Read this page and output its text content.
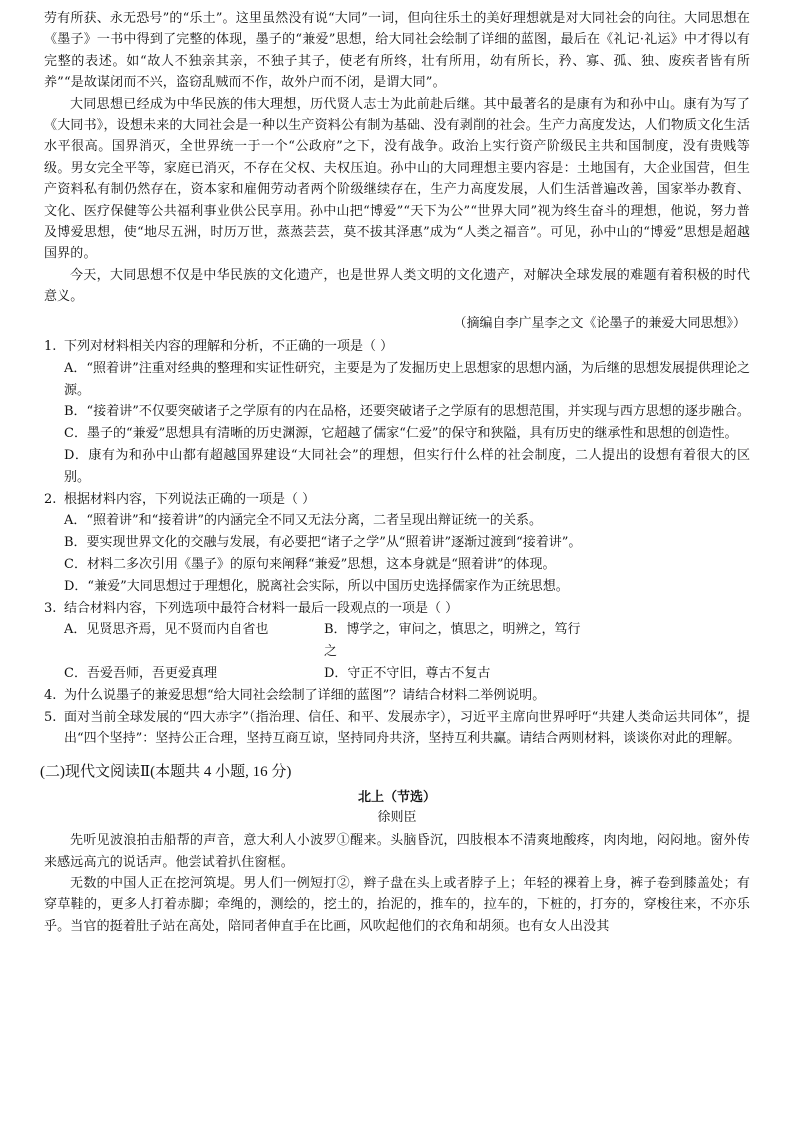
劳有所获、永无恐号”的“乐土”。这里虽然没有说“大同”一词，但向往乐土的美好理想就是对大同社会的向往。大同思想在《墨子》一书中得到了完整的体现，墨子的“兼爱”思想，给大同社会绘制了详细的蓝图，最后在《礼记·礼运》中才得以有完整的表述。如“故人不独亲其亲，不独子其子，使老有所终，壮有所用，幼有所长，矜、寡、孤、独、废疾者皆有所养”“是故谋闭而不兴，盗窃乱贼而不作，故外户而不闭，是谓大同”。

大同思想已经成为中华民族的伟大理想，历代贤人志士为此前赴后继。其中最著名的是康有为和孙中山。康有为写了《大同书》，设想未来的大同社会是一种以生产资料公有制为基础、没有剥削的社会。生产力高度发达，人们物质文化生活水平很高。国界消灭，全世界统一于一个“公政府”之下，没有战争。政治上实行资产阶级民主共和国制度，没有贵贱等级。男女完全平等，家庭已消灭，不存在父权、夫权压迫。孙中山的大同理想主要内容是：土地国有，大企业国营，但生产资料私有制仍然存在，资本家和雇佣劳动者两个阶级继续存在，生产力高度发展，人们生活普遍改善，国家举办教育、文化、医疗保健等公共福利事业供公民享用。孙中山把“博爱”“天下为公”“世界大同”视为终生奋斗的理想，他说，努力普及博爱思想，使“地尽五洲，时历万世，蒸蒸芸芸，莫不拔其泽惠”成为“人类之福音”。可见，孙中山的“博爱”思想是超越国界的。

今天，大同思想不仅是中华民族的文化遗产，也是世界人类文明的文化遗产，对解决全球发展的难题有着积极的时代意义。

（摘编自李广星李之文《论墨子的兼爱大同思想》）
1. 下列对材料相关内容的理解和分析，不正确的一项是（ ）
A．“照着讲”注重对经典的整理和实证性研究，主要是为了发掘历史上思想家的思想内涵，为后继的思想发展提供理论之源。
B．“接着讲”不仅要突破诸子之学原有的内在品格，还要突破诸子之学原有的思想范围，并实现与西方思想的逐步融合。
C．墨子的“兼爱”思想具有清晰的历史渊源，它超越了儒家“仁爱”的保守和狭隘，具有历史的继承性和思想的创造性。
D．康有为和孙中山都有超越国界建设“大同社会”的理想，但实行什么样的社会制度，二人提出的设想有着很大的区别。
2. 根据材料内容，下列说法正确的一项是（ ）
A．“照着讲”和“接着讲”的内涵完全不同又无法分离，二者呈现出辩证统一的关系。
B．要实现世界文化的交融与发展，有必要把“诸子之学”从“照着讲”逐渐过渡到“接着讲”。
C．材料二多次引用《墨子》的原句来阐释“兼爱”思想，这本身就是“照着讲”的体现。
D．“兼爱”大同思想过于理想化，脱离社会实际，所以中国历史选择儒家作为正统思想。
3. 结合材料内容，下列选项中最符合材料一最后一段观点的一项是（ ）
A．见贤思齐焉，见不贤而内自省也	B．博学之，审问之，慎思之，明辨之，笃行之
C．吾爱吾师，吾更爱真理	D．守正不守旧，尊古不复古
4. 为什么说墨子的兼爱思想“给大同社会绘制了详细的蓝图”？请结合材料二举例说明。
5. 面对当前全球发展的“四大赤字”（指治理、信任、和平、发展赤字），习近平主席向世界呼吁“共建人类命运共同体”，提出“四个坚持”：坚持公正合理，坚持互商互谅，坚持同舟共济，坚持互利共赢。请结合两则材料，谈谈你对此的理解。
(二)现代文阅读Ⅱ(本题共 4 小题, 16 分)
北上（节选）
徐则臣

先听见波浪拍击船帮的声音，意大利人小波罗①醒来。头脑昏沉，四肢根本不清爽地酸疼，肉肉地，闷闷地。窗外传来感远高亢的说话声。他尝试着扒住窗框。

无数的中国人正在挖河筑堤。男人们一例短打②，辫子盘在头上或者脖子上；年轻的裸着上身，裤子卷到膝盖处；有穿草鞋的，更多人打着赤脚；牵绳的，测绘的，挖土的，抬泥的，推车的，拉车的，下桩的，打夯的，穿梭往来，不亦乐乎。当官的挺着肚子站在高处，陪同者伸直手在比画，风吹起他们的衣角和胡须。也有女人出没其
